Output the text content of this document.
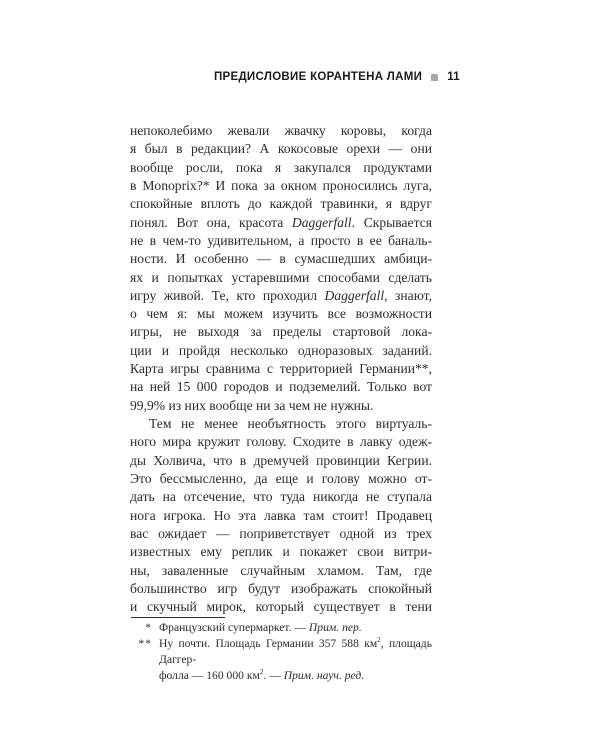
ПРЕДИСЛОВИЕ КОРАНТЕНА ЛАМИ 11
непоколебимо жевали жвачку коровы, когда
я был в редакции? А кокосовые орехи — они
вообще росли, пока я закупался продуктами
в Monoprix?* И пока за окном проносились луга,
спокойные вплоть до каждой травинки, я вдруг
понял. Вот она, красота Daggerfall. Скрывается
не в чем-то удивительном, а просто в ее баналь-
ности. И особенно — в сумасшедших амбици-
ях и попытках устаревшими способами сделать
игру живой. Те, кто проходил Daggerfall, знают,
о чем я: мы можем изучить все возможности
игры, не выходя за пределы стартовой лока-
ции и пройдя несколько одноразовых заданий.
Карта игры сравнима с территорией Германии**,
на ней 15 000 городов и подземелий. Только вот
99,9% из них вообще ни за чем не нужны.
Тем не менее необъятность этого виртуаль-
ного мира кружит голову. Сходите в лавку одеж-
ды Холвича, что в дремучей провинции Кегрии.
Это бессмысленно, да еще и голову можно от-
дать на отсечение, что туда никогда не ступала
нога игрока. Но эта лавка там стоит! Продавец
вас ожидает — поприветствует одной из трех
известных ему реплик и покажет свои витри-
ны, заваленные случайным хламом. Там, где
большинство игр будут изображать спокойный
и скучный мирок, который существует в тени
* Французский супермаркет. — Прим. пер.
** Ну почти. Площадь Германии 357 588 $км^2$, площадь Даггер-
фолла — 160 000 $км^2$. — Прим. науч. ред.
